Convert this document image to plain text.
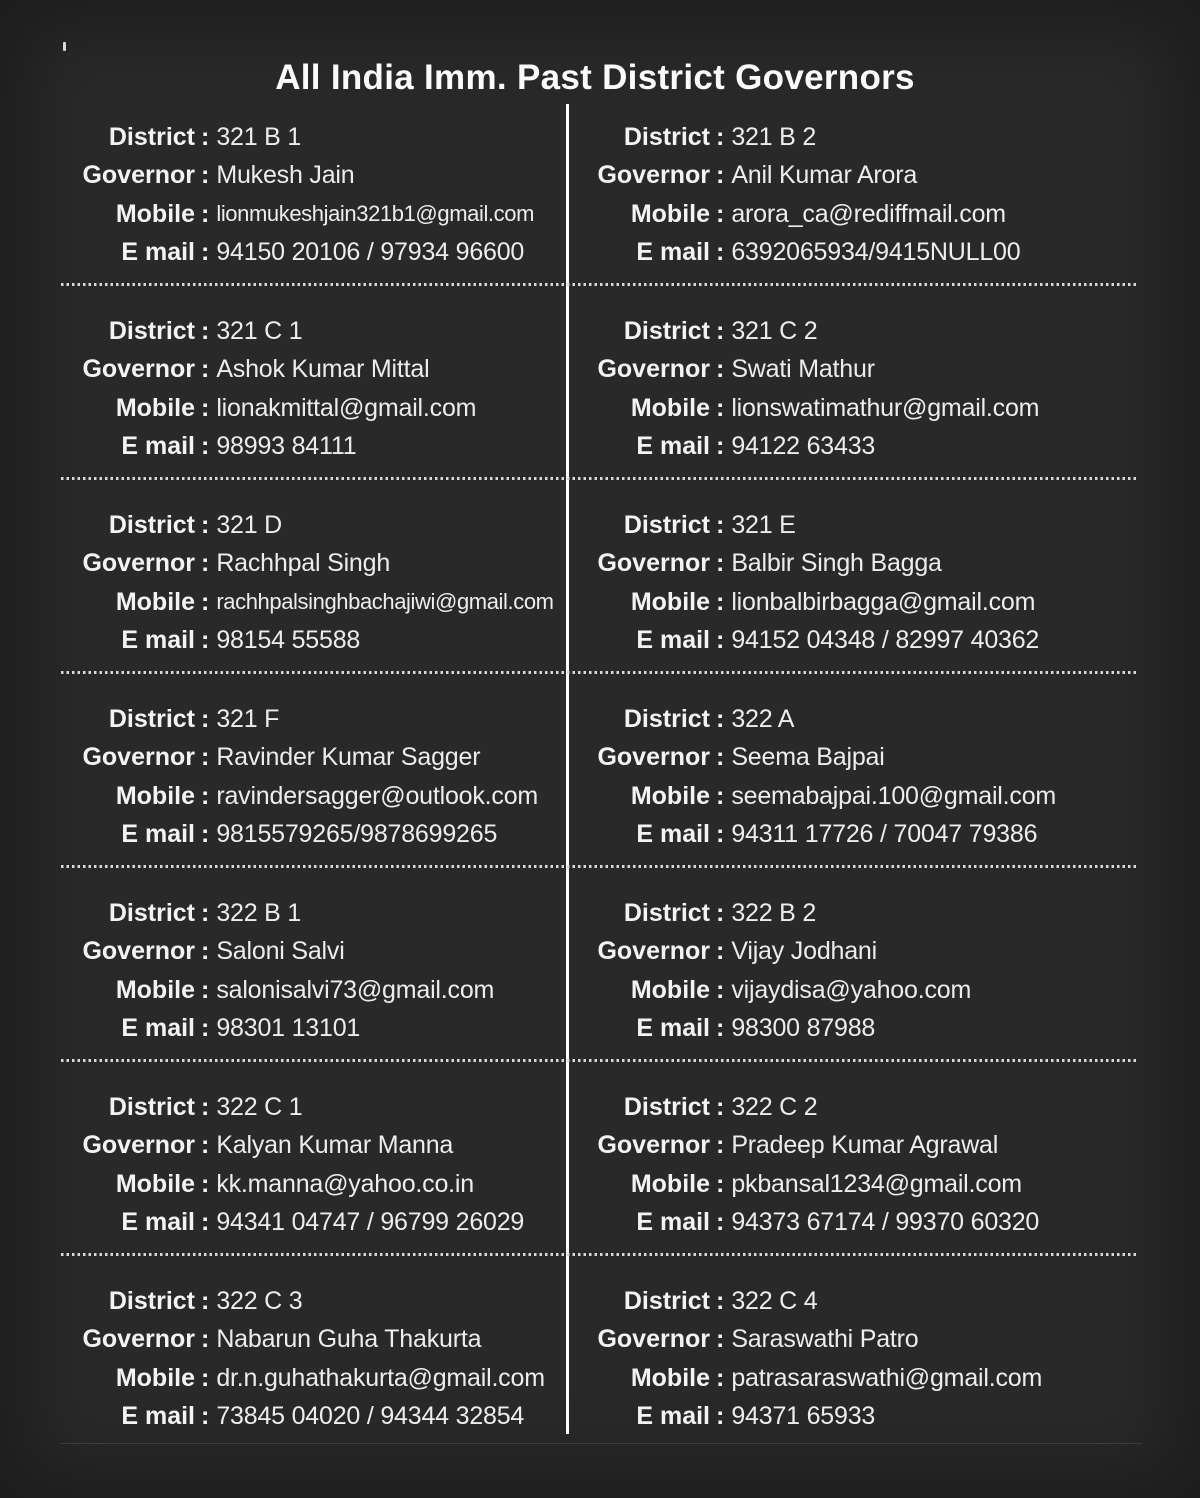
All India Imm. Past District Governors
District : 321 B 1
Governor : Mukesh Jain
Mobile : lionmukeshjain321b1@gmail.com
E mail : 94150 20106 / 97934 96600
District : 321 B 2
Governor : Anil Kumar Arora
Mobile : arora_ca@rediffmail.com
E mail : 6392065934/9415NULL00
District : 321 C 1
Governor : Ashok Kumar Mittal
Mobile : lionakmittal@gmail.com
E mail : 98993 84111
District : 321 C 2
Governor : Swati Mathur
Mobile : lionswatimathur@gmail.com
E mail : 94122 63433
District : 321 D
Governor : Rachhpal Singh
Mobile : rachhpalsinghbachajiwi@gmail.com
E mail : 98154 55588
District : 321 E
Governor : Balbir Singh Bagga
Mobile : lionbalbirbagga@gmail.com
E mail : 94152 04348 / 82997 40362
District : 321 F
Governor : Ravinder Kumar Sagger
Mobile : ravindersagger@outlook.com
E mail : 9815579265/9878699265
District : 322 A
Governor : Seema Bajpai
Mobile : seemabajpai.100@gmail.com
E mail : 94311 17726 / 70047 79386
District : 322 B 1
Governor : Saloni Salvi
Mobile : salonisalvi73@gmail.com
E mail : 98301 13101
District : 322 B 2
Governor : Vijay Jodhani
Mobile : vijaydisa@yahoo.com
E mail : 98300 87988
District : 322 C 1
Governor : Kalyan Kumar Manna
Mobile : kk.manna@yahoo.co.in
E mail : 94341 04747 / 96799 26029
District : 322 C 2
Governor : Pradeep Kumar Agrawal
Mobile : pkbansal1234@gmail.com
E mail : 94373 67174 / 99370 60320
District : 322 C 3
Governor : Nabarun Guha Thakurta
Mobile : dr.n.guhathakurta@gmail.com
E mail : 73845 04020 / 94344 32854
District : 322 C 4
Governor : Saraswathi Patro
Mobile : patrasaraswathi@gmail.com
E mail : 94371 65933
